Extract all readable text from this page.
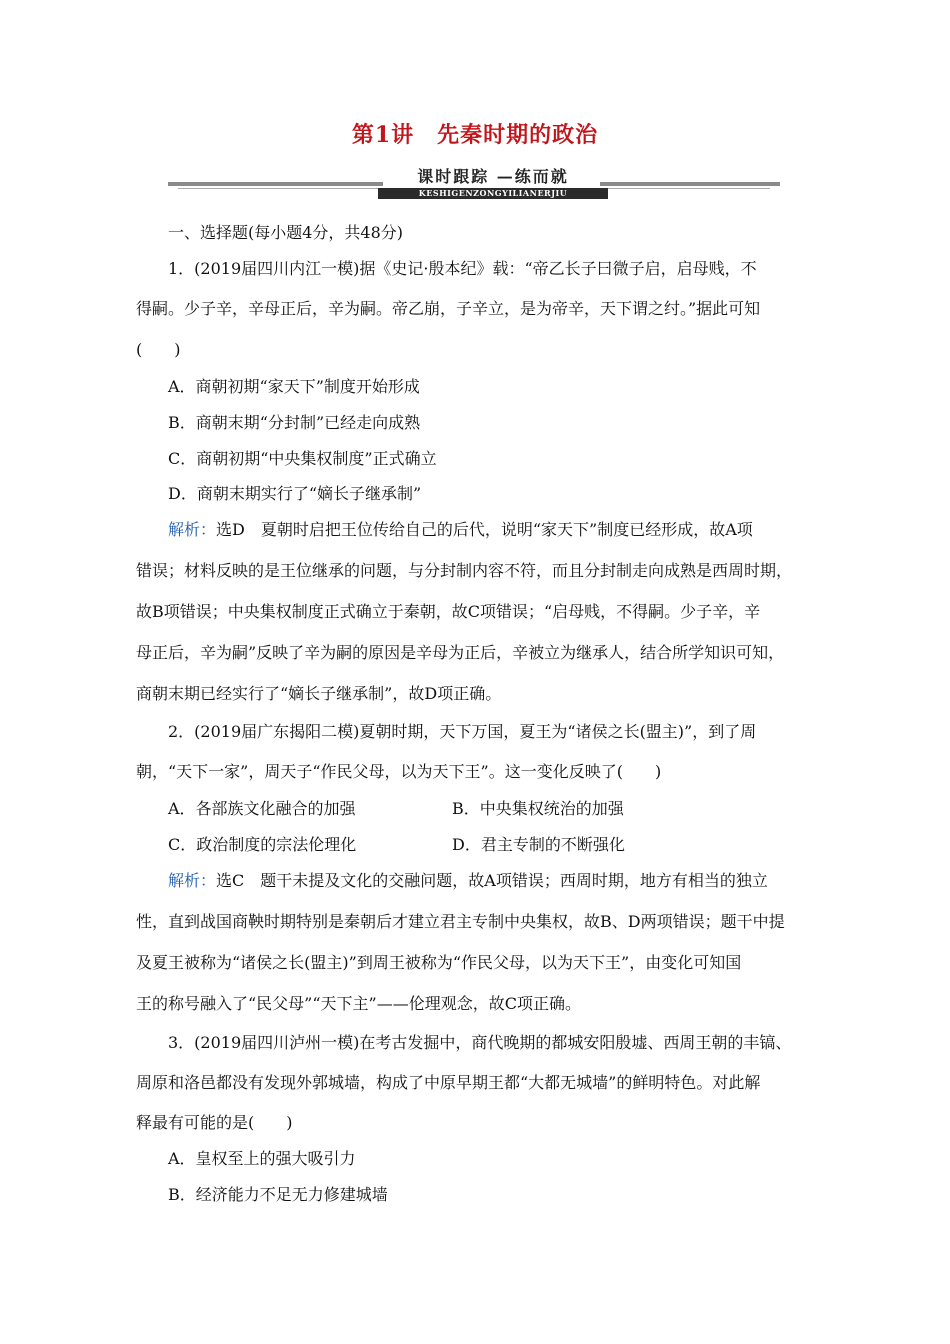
第1讲　先秦时期的政治
课时跟踪 —练而就
KESHIGENZONGYILIANERJIU
一、选择题(每小题4分，共48分)
1．(2019届四川内江一模)据《史记·殷本纪》载：“帝乙长子曰微子启，启母贱，不
得嗣。少子辛，辛母正后，辛为嗣。帝乙崩，子辛立，是为帝辛，天下谓之纣。”据此可知
(　　)
A．商朝初期“家天下”制度开始形成
B．商朝末期“分封制”已经走向成熟
C．商朝初期“中央集权制度”正式确立
D．商朝末期实行了“嫡长子继承制”
解析：选D　夏朝时启把王位传给自己的后代，说明“家天下”制度已经形成，故A项
错误；材料反映的是王位继承的问题，与分封制内容不符，而且分封制走向成熟是西周时期，
故B项错误；中央集权制度正式确立于秦朝，故C项错误；“启母贱，不得嗣。少子辛，辛
母正后，辛为嗣”反映了辛为嗣的原因是辛母为正后，辛被立为继承人，结合所学知识可知，
商朝末期已经实行了“嫡长子继承制”，故D项正确。
2．(2019届广东揭阳二模)夏朝时期，天下万国，夏王为“诸侯之长(盟主)”，到了周
朝，“天下一家”，周天子“作民父母，以为天下王”。这一变化反映了(　　)
A．各部族文化融合的加强	B．中央集权统治的加强
C．政治制度的宗法伦理化	D．君主专制的不断强化
解析：选C　题干未提及文化的交融问题，故A项错误；西周时期，地方有相当的独立
性，直到战国商鞅时期特别是秦朝后才建立君主专制中央集权，故B、D两项错误；题干中提
及夏王被称为“诸侯之长(盟主)”到周王被称为“作民父母，以为天下王”，由变化可知国
王的称号融入了“民父母”“天下主”——伦理观念，故C项正确。
3．(2019届四川泸州一模)在考古发掘中，商代晚期的都城安阳殷墟、西周王朝的丰镐、
周原和洛邑都没有发现外郭城墙，构成了中原早期王都“大都无城墙”的鲜明特色。对此解
释最有可能的是(　　)
A．皇权至上的强大吸引力
B．经济能力不足无力修建城墙
